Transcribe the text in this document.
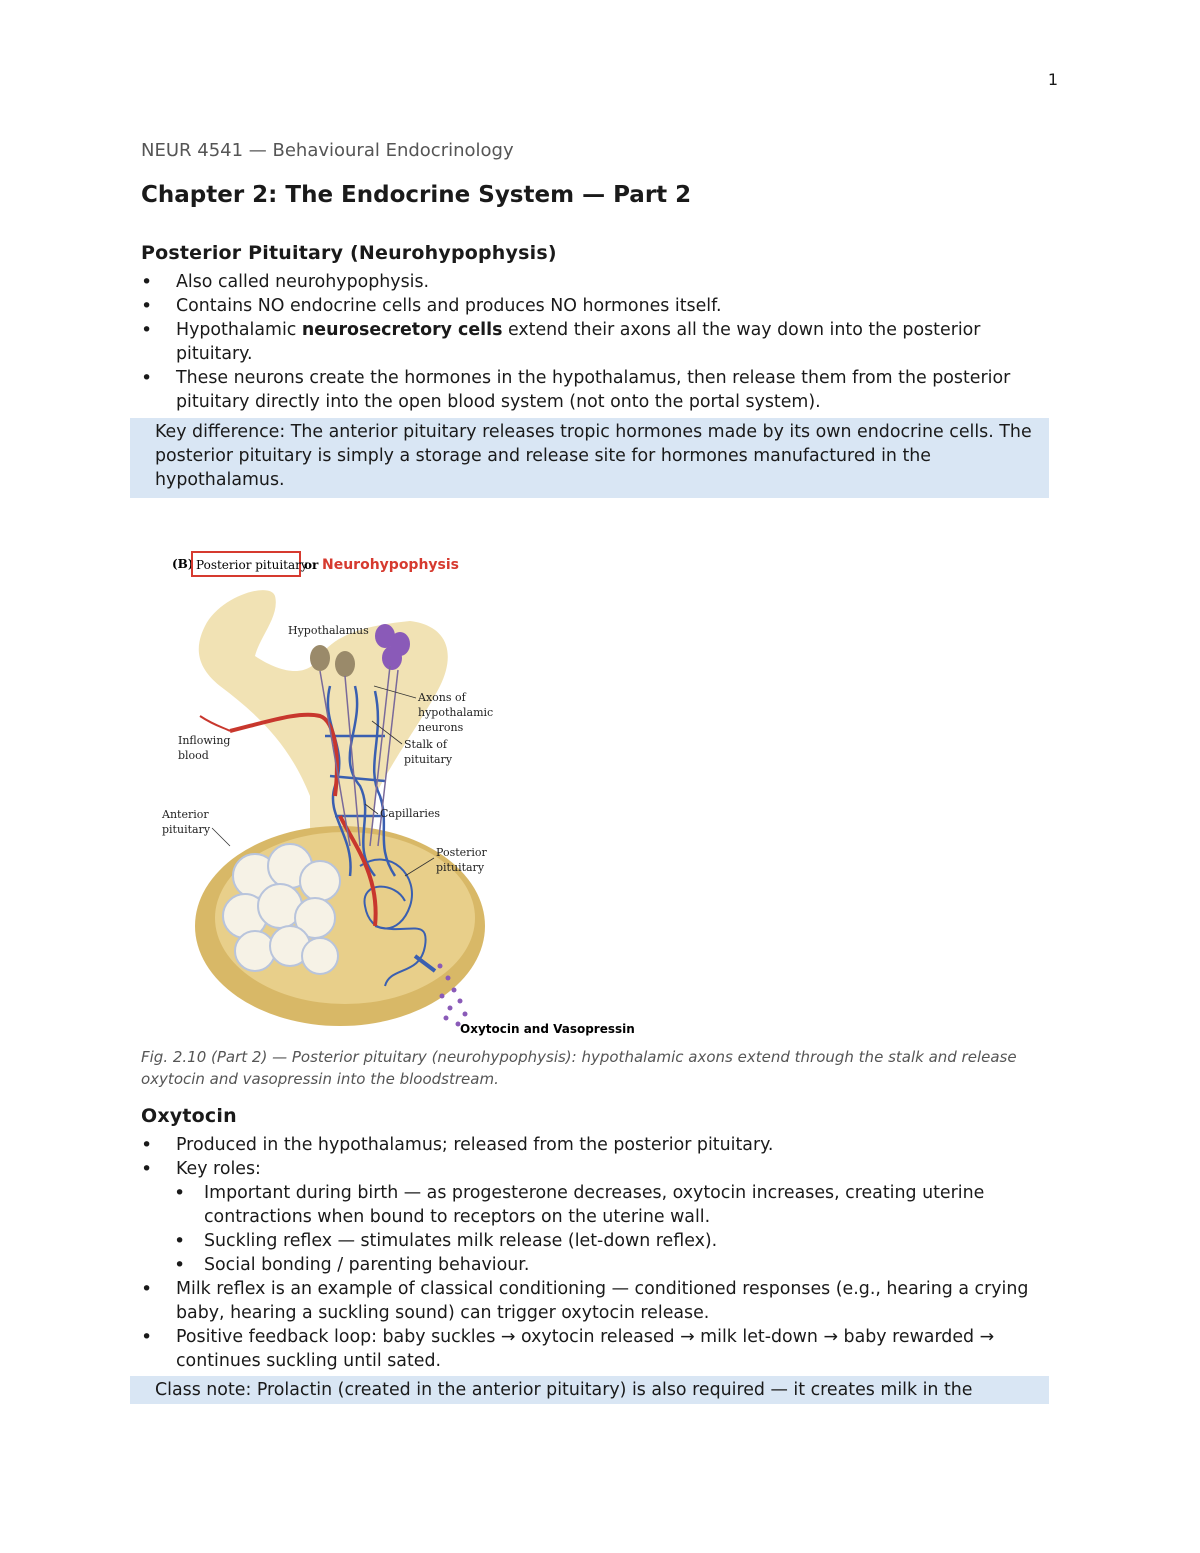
1
NEUR 4541 — Behavioural Endocrinology
Chapter 2: The Endocrine System — Part 2
Posterior Pituitary (Neurohypophysis)
• Also called neurohypophysis.
• Contains NO endocrine cells and produces NO hormones itself.
• Hypothalamic neurosecretory cells extend their axons all the way down into the posterior pituitary.
• These neurons create the hormones in the hypothalamus, then release them from the posterior pituitary directly into the open blood system (not onto the portal system).
Key difference: The anterior pituitary releases tropic hormones made by its own endocrine cells. The posterior pituitary is simply a storage and release site for hormones manufactured in the hypothalamus.
(B) Posterior pituitary
or Neurohypophysis
Hypothalamus
Axons of
hypothalamic
neurons
Stalk of
pituitary
Inflowing
blood
Capillaries
Anterior
pituitary
Posterior
pituitary
Oxytocin and Vasopressin
Fig. 2.10 (Part 2) — Posterior pituitary (neurohypophysis): hypothalamic axons extend through the stalk and release oxytocin and vasopressin into the bloodstream.
Oxytocin
• Produced in the hypothalamus; released from the posterior pituitary.
• Key roles:
• Important during birth — as progesterone decreases, oxytocin increases, creating uterine contractions when bound to receptors on the uterine wall.
• Suckling reflex — stimulates milk release (let-down reflex).
• Social bonding / parenting behaviour.
• Milk reflex is an example of classical conditioning — conditioned responses (e.g., hearing a crying baby, hearing a suckling sound) can trigger oxytocin release.
• Positive feedback loop: baby suckles → oxytocin released → milk let-down → baby rewarded → continues suckling until sated.
Class note: Prolactin (created in the anterior pituitary) is also required — it creates milk in the
